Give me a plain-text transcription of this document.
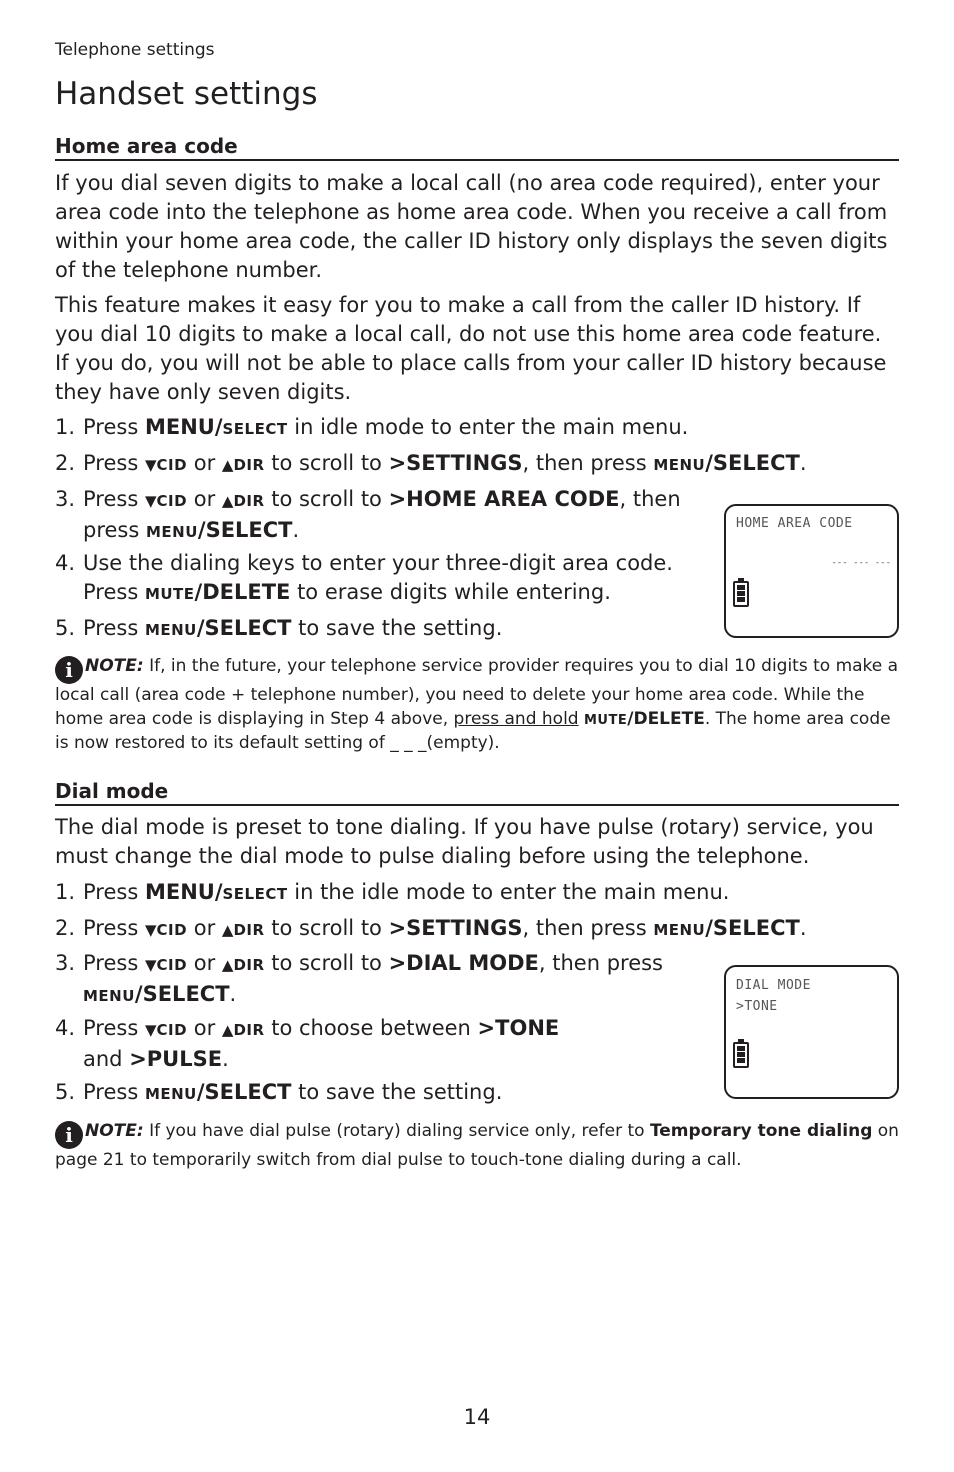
Telephone settings
Handset settings
Home area code

If you dial seven digits to make a local call (no area code required), enter your area code into the telephone as home area code. When you receive a call from within your home area code, the caller ID history only displays the seven digits of the telephone number.

This feature makes it easy for you to make a call from the caller ID history. If you dial 10 digits to make a local call, do not use this home area code feature. If you do, you will not be able to place calls from your caller ID history because they have only seven digits.

1. Press MENU/SELECT in idle mode to enter the main menu.
2. Press ▼CID or ▲DIR to scroll to >SETTINGS, then press MENU/SELECT.
3. Press ▼CID or ▲DIR to scroll to >HOME AREA CODE, then
press MENU/SELECT.
4. Use the dialing keys to enter your three-digit area code.
Press MUTE/DELETE to erase digits while entering.
5. Press MENU/SELECT to save the setting.
HOME AREA CODE
--- --- ---

i NOTE: If, in the future, your telephone service provider requires you to dial 10 digits to make a local call (area code + telephone number), you need to delete your home area code. While the home area code is displaying in Step 4 above, press and hold MUTE/DELETE. The home area code is now restored to its default setting of _ _ _(empty).

Dial mode

The dial mode is preset to tone dialing. If you have pulse (rotary) service, you must change the dial mode to pulse dialing before using the telephone.

1. Press MENU/SELECT in the idle mode to enter the main menu.
2. Press ▼CID or ▲DIR to scroll to >SETTINGS, then press MENU/SELECT.
3. Press ▼CID or ▲DIR to scroll to >DIAL MODE, then press
MENU/SELECT.
4. Press ▼CID or ▲DIR to choose between >TONE
and >PULSE.
5. Press MENU/SELECT to save the setting.
DIAL MODE
>TONE

i NOTE: If you have dial pulse (rotary) dialing service only, refer to Temporary tone dialing on page 21 to temporarily switch from dial pulse to touch-tone dialing during a call.

14
